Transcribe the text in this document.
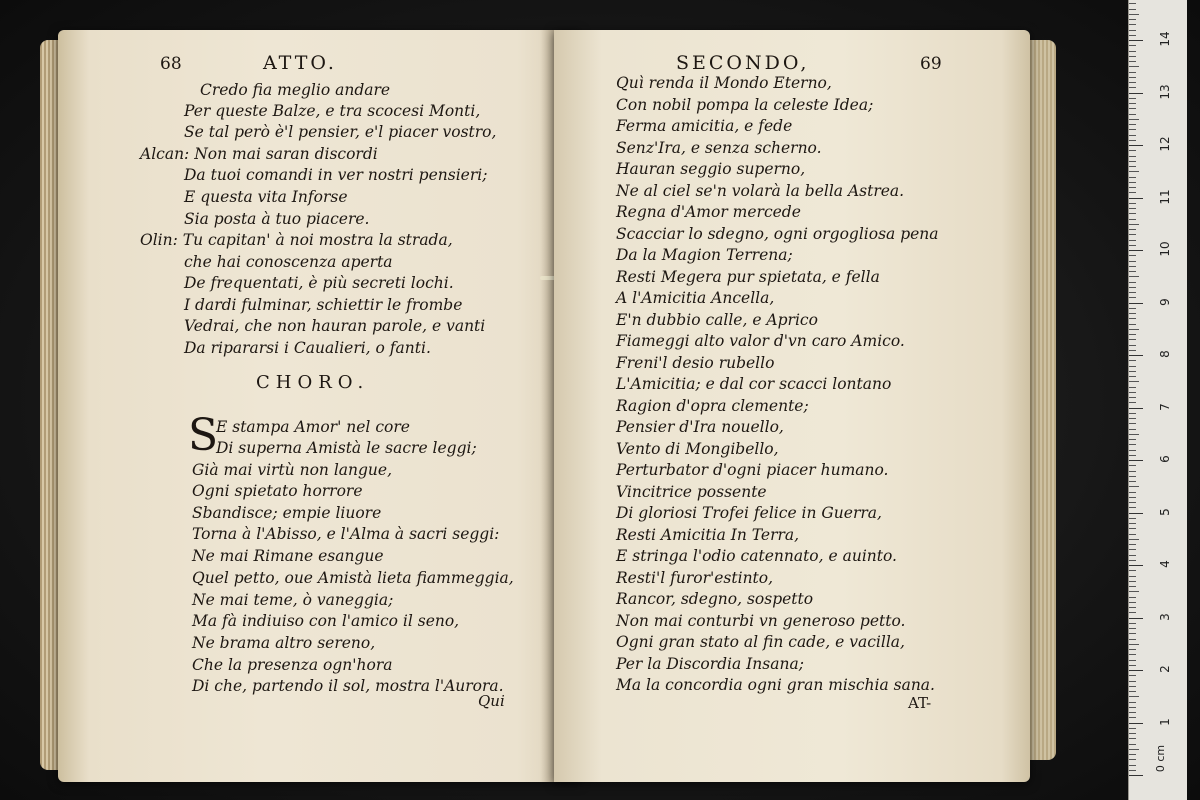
68	ATTO.
Credo fia meglio andare
Per queste Balze, e tra scocesi Monti,
Se tal però è'l pensier, e'l piacer vostro,
Alcan: Non mai saran discordi
Da tuoi comandi in ver nostri pensieri;
E questa vita Inforse
Sia posta à tuo piacere.
Olin: Tu capitan' à noi mostra la strada,
che hai conoscenza aperta
De frequentati, è più secreti lochi.
I dardi fulminar, schiettir le frombe
Vedrai, che non hauran parole, e vanti
Da ripararsi i Caualieri, o fanti.
CHORO.
S
E stampa Amor' nel core
Di superna Amistà le sacre leggi;
Già mai virtù non langue,
Ogni spietato horrore
Sbandisce; empie liuore
Torna à l'Abisso, e l'Alma à sacri seggi:
Ne mai Rimane esangue
Quel petto, oue Amistà lieta fiammeggia,
Ne mai teme, ò vaneggia;
Ma fà indiuiso con l'amico il seno,
Ne brama altro sereno,
Che la presenza ogn'hora
Di che, partendo il sol, mostra l'Aurora.
Qui
SECONDO,	69
Quì renda il Mondo Eterno,
Con nobil pompa la celeste Idea;
Ferma amicitia, e fede
Senz'Ira, e senza scherno.
Hauran seggio superno,
Ne al ciel se'n volarà la bella Astrea.
Regna d'Amor mercede
Scacciar lo sdegno, ogni orgogliosa pena
Da la Magion Terrena;
Resti Megera pur spietata, e fella
A l'Amicitia Ancella,
E'n dubbio calle, e Aprico
Fiameggi alto valor d'vn caro Amico.
Freni'l desio rubello
L'Amicitia; e dal cor scacci lontano
Ragion d'opra clemente;
Pensier d'Ira nouello,
Vento di Mongibello,
Perturbator d'ogni piacer humano.
Vincitrice possente
Di gloriosi Trofei felice in Guerra,
Resti Amicitia In Terra,
E stringa l'odio catennato, e auinto.
Resti'l furor'estinto,
Rancor, sdegno, sospetto
Non mai conturbi vn generoso petto.
Ogni gran stato al fin cade, e vacilla,
Per la Discordia Insana;
Ma la concordia ogni gran mischia sana.
AT-
0 cm
1
2
3
4
5
6
7
8
9
10
11
12
13
14
